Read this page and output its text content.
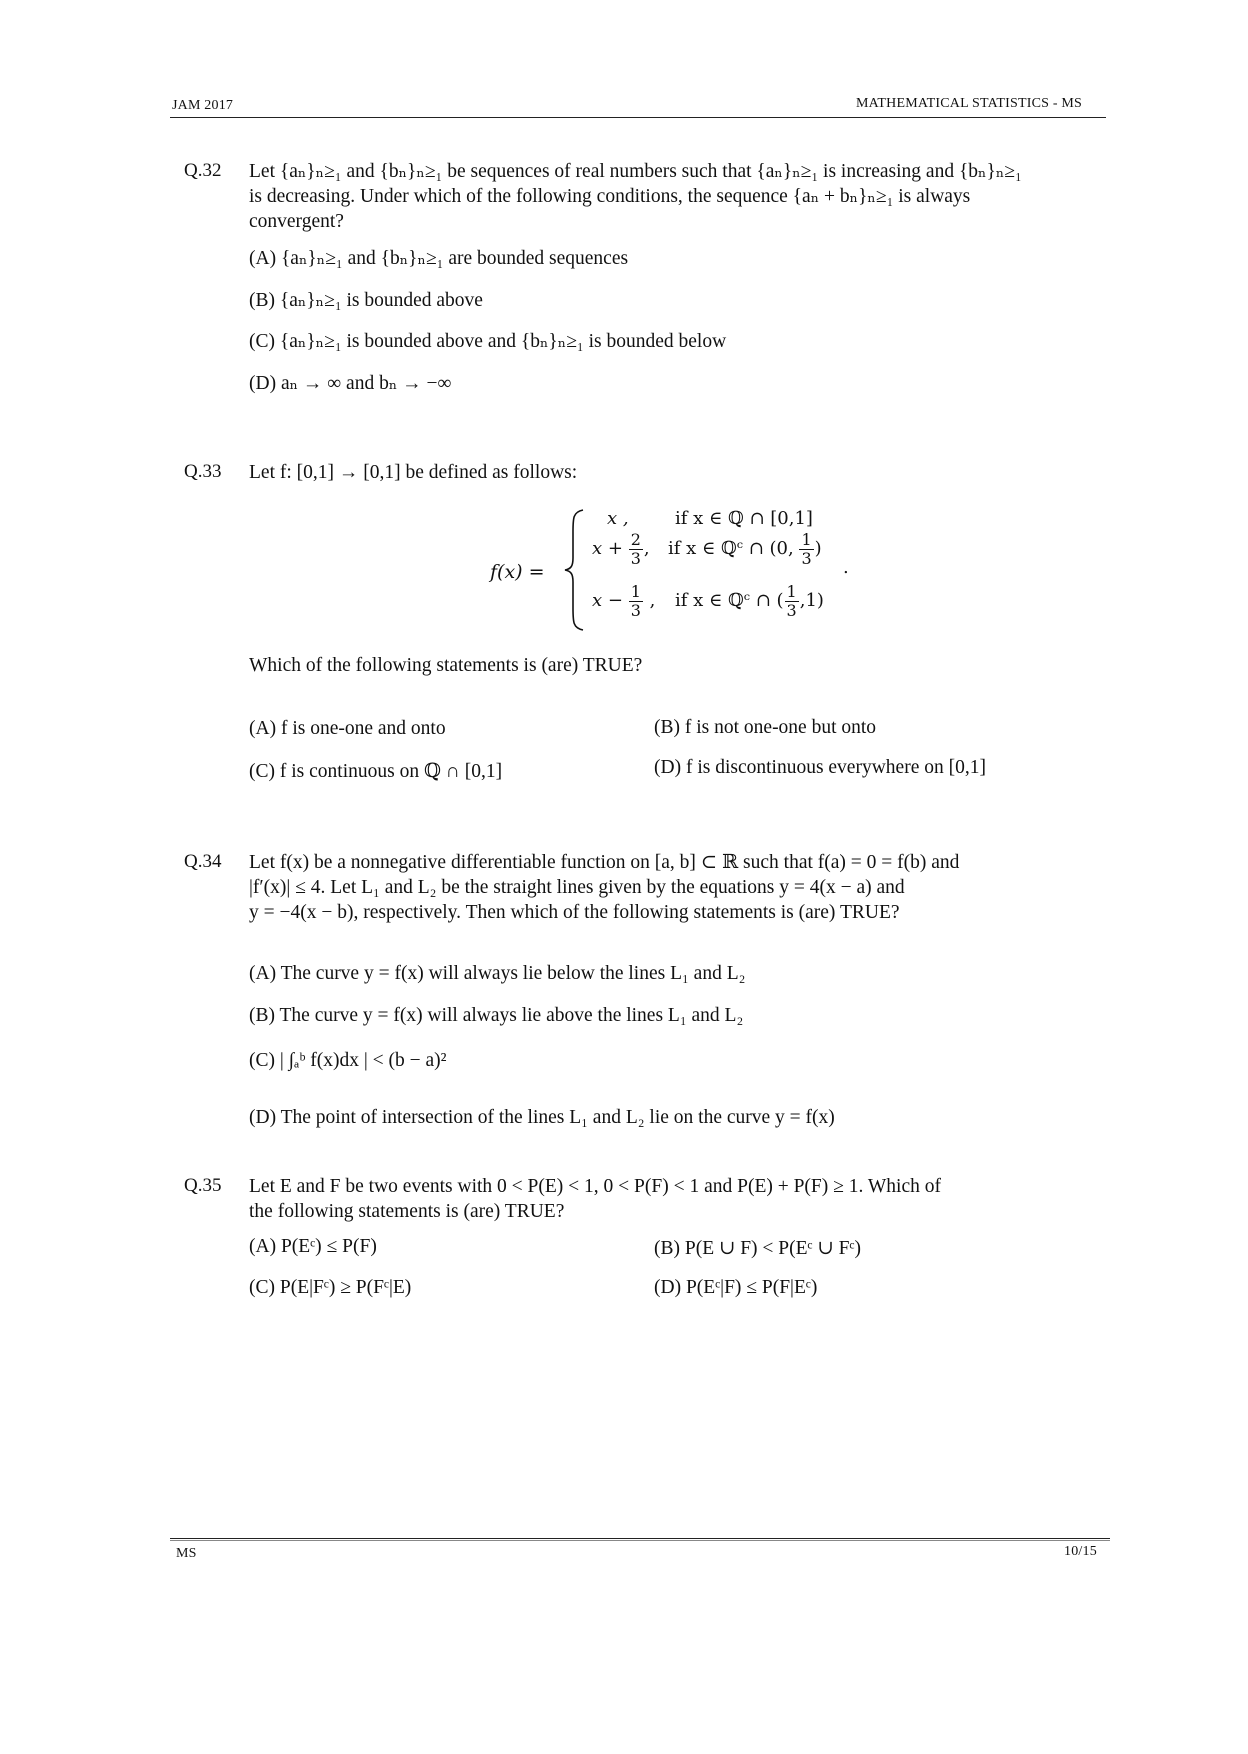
JAM 2017	MATHEMATICAL STATISTICS - MS
Q.32 Let {aₙ}ₙ≥₁ and {bₙ}ₙ≥₁ be sequences of real numbers such that {aₙ}ₙ≥₁ is increasing and {bₙ}ₙ≥₁
is decreasing. Under which of the following conditions, the sequence {aₙ + bₙ}ₙ≥₁ is always
convergent?
(A) {aₙ}ₙ≥₁ and {bₙ}ₙ≥₁ are bounded sequences
(B) {aₙ}ₙ≥₁ is bounded above
(C) {aₙ}ₙ≥₁ is bounded above and {bₙ}ₙ≥₁ is bounded below
(D) aₙ → ∞ and bₙ → −∞
Q.33 Let f: [0,1] → [0,1] be defined as follows:
f(x) =
x ,	if x ∈ ℚ ∩ [0,1]
$x + \frac{2}{3}$ , if x ∈ ℚᶜ ∩ (0, $\frac{1}{3}$ )
.
$x - \frac{1}{3}$ , if x ∈ ℚᶜ ∩ ( $\frac{1}{3} ,1$)
Which of the following statements is (are) TRUE?
(A) f is one-one and onto	(B) f is not one-one but onto
(C) f is continuous on ℚ ∩ [0,1]	(D) f is discontinuous everywhere on [0,1]
Q.34 Let f(x) be a nonnegative differentiable function on [a, b] ⊂ ℝ such that f(a) = 0 = f(b) and
|f′(x)| ≤ 4. Let L₁ and L₂ be the straight lines given by the equations y = 4(x − a) and
y = −4(x − b), respectively. Then which of the following statements is (are) TRUE?
(A) The curve y = f(x) will always lie below the lines L₁ and L₂
(B) The curve y = f(x) will always lie above the lines L₁ and L₂
(C) | ∫ₐᵇ f(x)dx | < (b − a)²
(D) The point of intersection of the lines L₁ and L₂ lie on the curve y = f(x)
Q.35 Let E and F be two events with 0 < P(E) < 1, 0 < P(F) < 1 and P(E) + P(F) ≥ 1. Which of
the following statements is (are) TRUE?
(A) P(Eᶜ) ≤ P(F)	(B) P(E ∪ F) < P(Eᶜ ∪ Fᶜ)
(C) P(E|Fᶜ) ≥ P(Fᶜ|E)	(D) P(Eᶜ|F) ≤ P(F|Eᶜ)
MS	10/15
